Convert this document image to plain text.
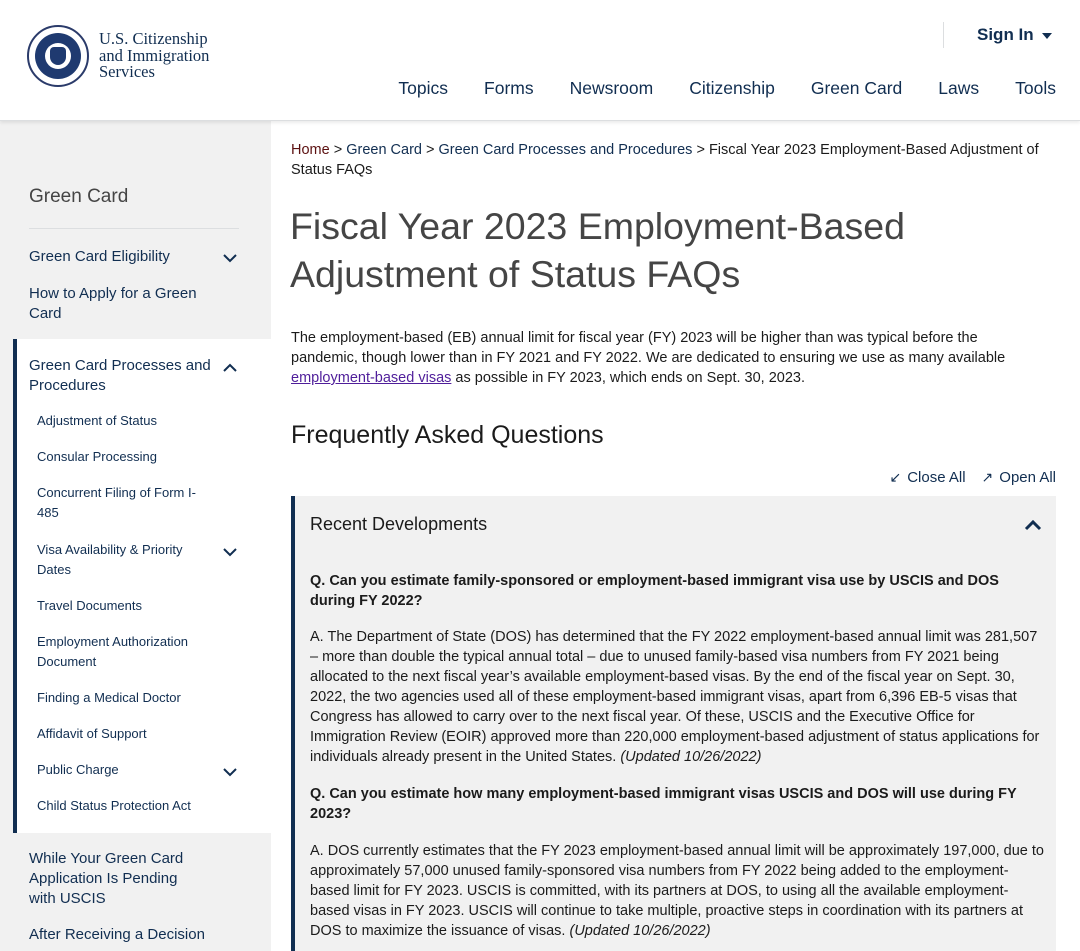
U.S. Citizenship
and Immigration
Services
Sign In
Topics Forms Newsroom Citizenship Green Card Laws Tools
Green Card
Green Card Eligibility
How to Apply for a Green Card
Green Card Processes and Procedures
Adjustment of Status
Consular Processing
Concurrent Filing of Form I-485
Visa Availability & Priority Dates
Travel Documents
Employment Authorization Document
Finding a Medical Doctor
Affidavit of Support
Public Charge
Child Status Protection Act
While Your Green Card Application Is Pending with USCIS
After Receiving a Decision
Home > Green Card > Green Card Processes and Procedures > Fiscal Year 2023 Employment-Based Adjustment of Status FAQs
Fiscal Year 2023 Employment-Based Adjustment of Status FAQs
The employment-based (EB) annual limit for fiscal year (FY) 2023 will be higher than was typical before the pandemic, though lower than in FY 2021 and FY 2022. We are dedicated to ensuring we use as many available employment-based visas as possible in FY 2023, which ends on Sept. 30, 2023.
Frequently Asked Questions
↙ Close All ↗ Open All
Recent Developments
Q. Can you estimate family-sponsored or employment-based immigrant visa use by USCIS and DOS during FY 2022?
A. The Department of State (DOS) has determined that the FY 2022 employment-based annual limit was 281,507 – more than double the typical annual total – due to unused family-based visa numbers from FY 2021 being allocated to the next fiscal year’s available employment-based visas. By the end of the fiscal year on Sept. 30, 2022, the two agencies used all of these employment-based immigrant visas, apart from 6,396 EB-5 visas that Congress has allowed to carry over to the next fiscal year. Of these, USCIS and the Executive Office for Immigration Review (EOIR) approved more than 220,000 employment-based adjustment of status applications for individuals already present in the United States. (Updated 10/26/2022)
Q. Can you estimate how many employment-based immigrant visas USCIS and DOS will use during FY 2023?
A. DOS currently estimates that the FY 2023 employment-based annual limit will be approximately 197,000, due to approximately 57,000 unused family-sponsored visa numbers from FY 2022 being added to the employment-based limit for FY 2023. USCIS is committed, with its partners at DOS, to using all the available employment-based visas in FY 2023. USCIS will continue to take multiple, proactive steps in coordination with its partners at DOS to maximize the issuance of visas. (Updated 10/26/2022)
